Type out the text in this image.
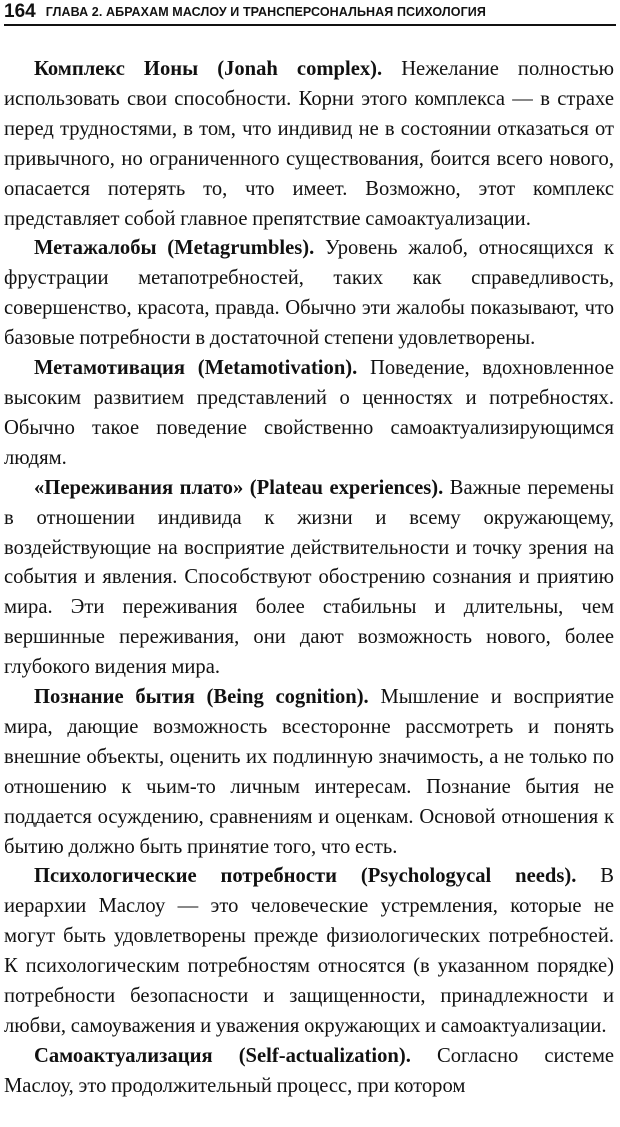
164 ГЛАВА 2. АБРАХАМ МАСЛОУ И ТРАНСПЕРСОНАЛЬНАЯ ПСИХОЛОГИЯ

Комплекс Ионы (Jonah complex). Нежелание полностью использовать свои способности. Корни этого комплекса — в страхе перед трудностями, в том, что индивид не в состоянии отказаться от привычного, но ограниченного существования, боится всего нового, опасается потерять то, что имеет. Возможно, этот комплекс представляет собой главное препятствие самоактуализации.

Метажалобы (Metagrumbles). Уровень жалоб, относящихся к фрустрации метапотребностей, таких как справедливость, совершенство, красота, правда. Обычно эти жалобы показывают, что базовые потребности в достаточной степени удовлетворены.

Метамотивация (Metamotivation). Поведение, вдохновленное высоким развитием представлений о ценностях и потребностях. Обычно такое поведение свойственно самоактуализирующимся людям.

«Переживания плато» (Plateau experiences). Важные перемены в отношении индивида к жизни и всему окружающему, воздействующие на восприятие действительности и точку зрения на события и явления. Способствуют обострению сознания и приятию мира. Эти переживания более стабильны и длительны, чем вершинные переживания, они дают возможность нового, более глубокого видения мира.

Познание бытия (Being cognition). Мышление и восприятие мира, дающие возможность всесторонне рассмотреть и понять внешние объекты, оценить их подлинную значимость, а не только по отношению к чьим-то личным интересам. Познание бытия не поддается осуждению, сравнениям и оценкам. Основой отношения к бытию должно быть принятие того, что есть.

Психологические потребности (Psychologycal needs). В иерархии Маслоу — это человеческие устремления, которые не могут быть удовлетворены прежде физиологических потребностей. К психологическим потребностям относятся (в указанном порядке) потребности безопасности и защищенности, принадлежности и любви, самоуважения и уважения окружающих и самоактуализации.

Самоактуализация (Self-actualization). Согласно системе Маслоу, это продолжительный процесс, при котором
